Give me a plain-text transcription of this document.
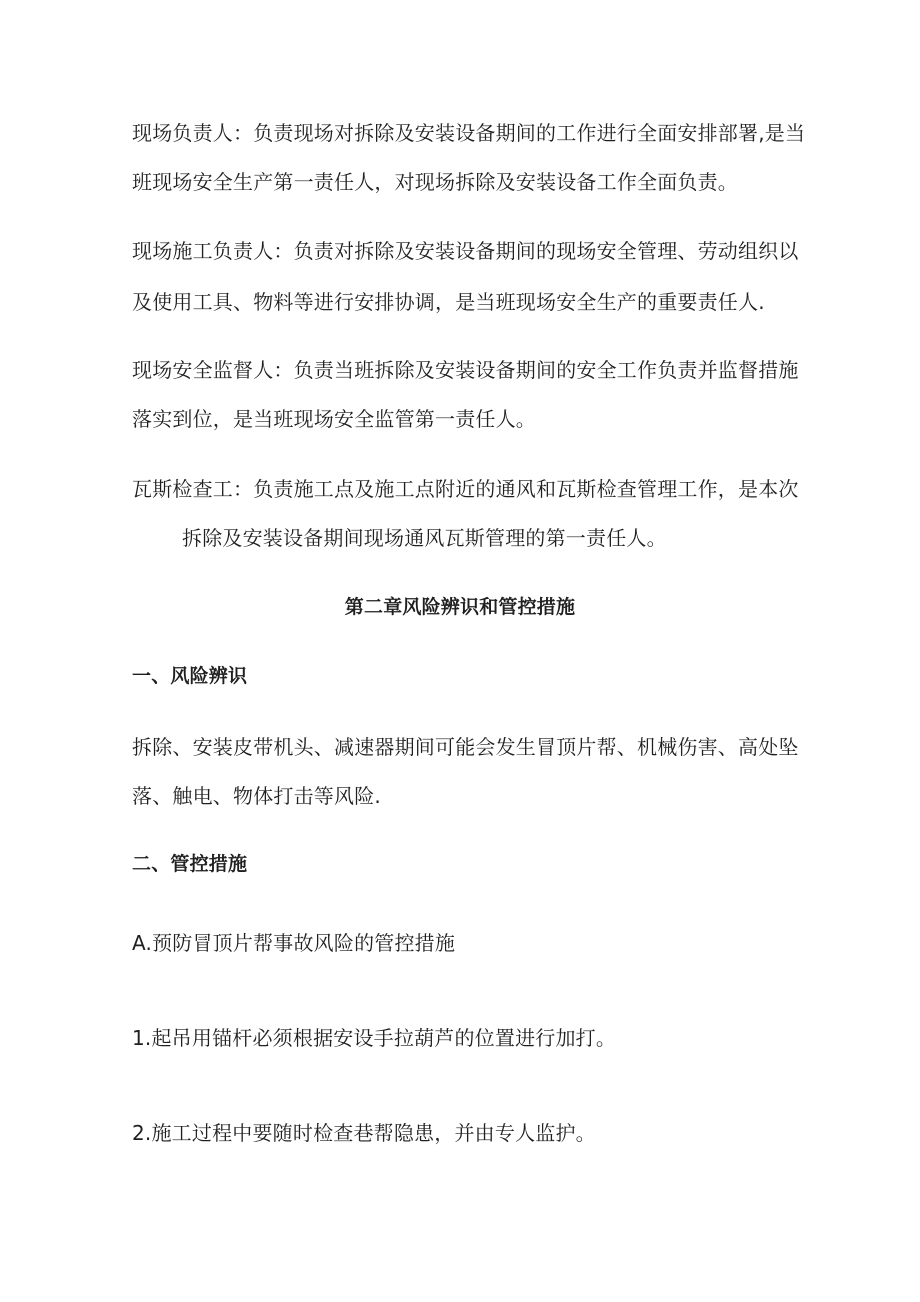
现场负责人：负责现场对拆除及安装设备期间的工作进行全面安排部署,是当
班现场安全生产第一责任人，对现场拆除及安装设备工作全面负责。
现场施工负责人：负责对拆除及安装设备期间的现场安全管理、劳动组织以
及使用工具、物料等进行安排协调，是当班现场安全生产的重要责任人.
现场安全监督人：负责当班拆除及安装设备期间的安全工作负责并监督措施
落实到位，是当班现场安全监管第一责任人。
瓦斯检查工：负责施工点及施工点附近的通风和瓦斯检查管理工作，是本次
拆除及安装设备期间现场通风瓦斯管理的第一责任人。
第二章风险辨识和管控措施
一、风险辨识
拆除、安装皮带机头、减速器期间可能会发生冒顶片帮、机械伤害、高处坠
落、触电、物体打击等风险.
二、管控措施
A.预防冒顶片帮事故风险的管控措施
1.起吊用锚杆必须根据安设手拉葫芦的位置进行加打。
2.施工过程中要随时检查巷帮隐患，并由专人监护。
